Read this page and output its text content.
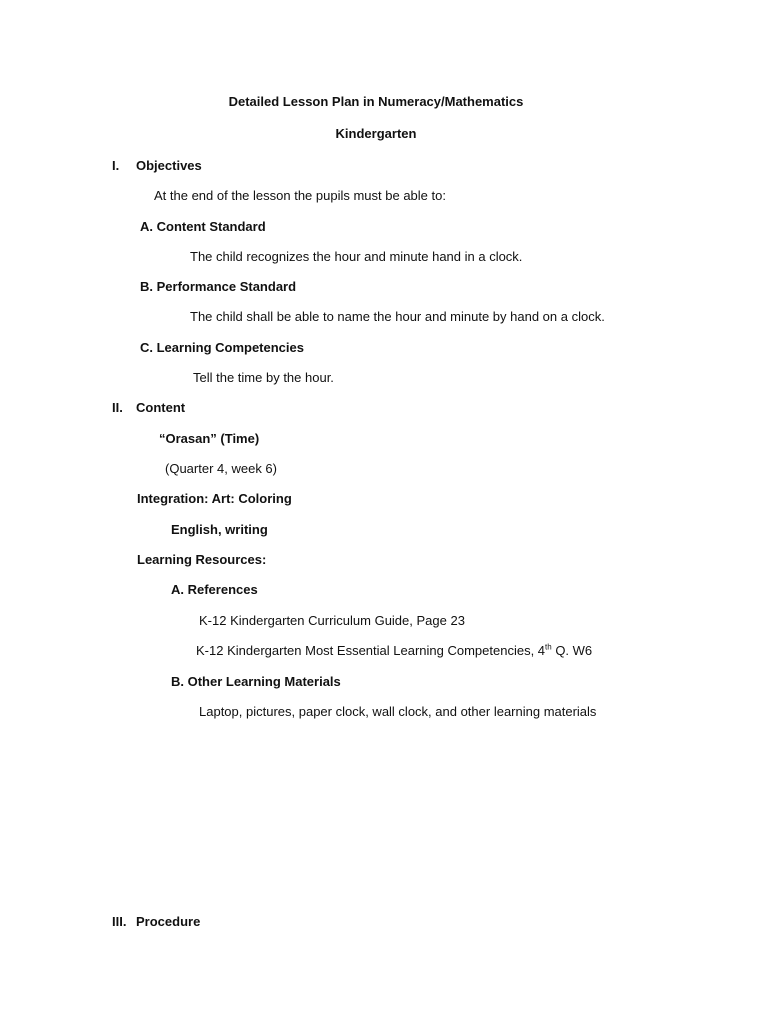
Detailed Lesson Plan in Numeracy/Mathematics
Kindergarten
I. Objectives
At the end of the lesson the pupils must be able to:
A. Content Standard
The child recognizes the hour and minute hand in a clock.
B. Performance Standard
The child shall be able to name the hour and minute by hand on a clock.
C. Learning Competencies
Tell the time by the hour.
II. Content
“Orasan” (Time)
(Quarter 4, week 6)
Integration: Art: Coloring
English, writing
Learning Resources:
A. References
K-12 Kindergarten Curriculum Guide, Page 23
K-12 Kindergarten Most Essential Learning Competencies, 4th Q. W6
B. Other Learning Materials
Laptop, pictures, paper clock, wall clock, and other learning materials
III. Procedure
